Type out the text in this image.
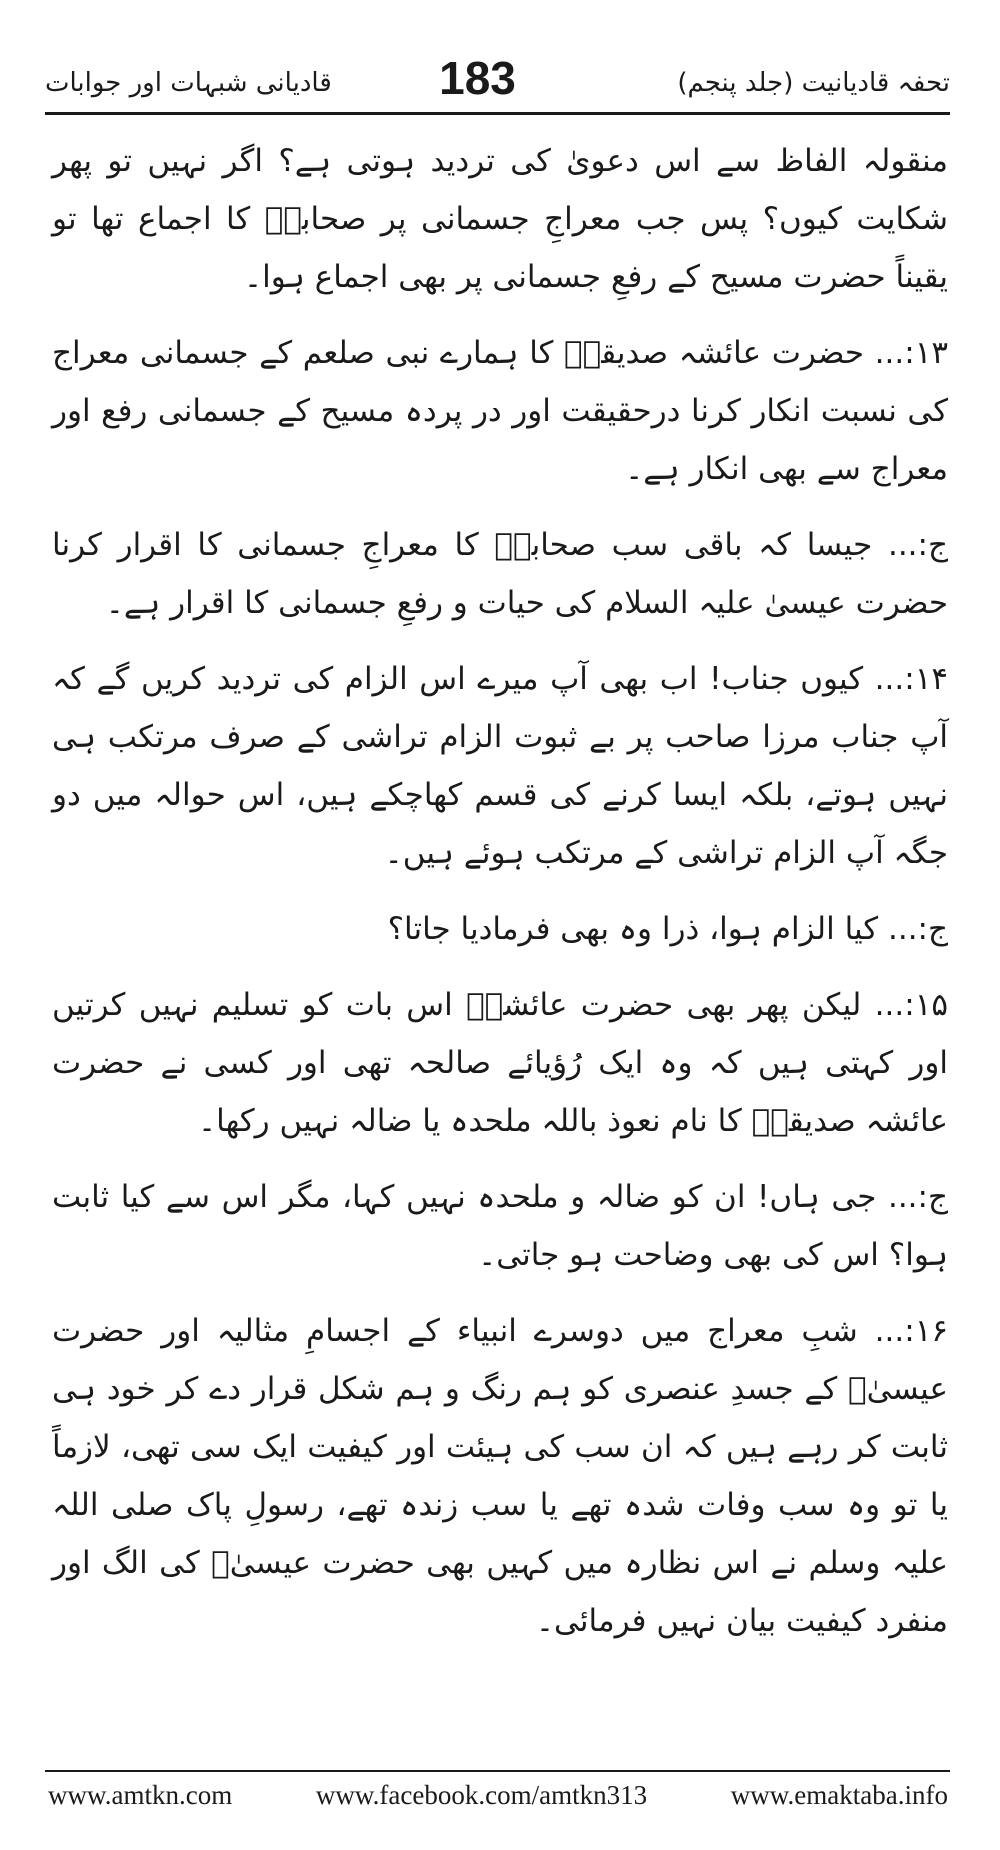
تحفہ قادیانیت (جلد پنجم)
183
قادیانی شبہات اور جوابات

منقولہ الفاظ سے اس دعویٰ کی تردید ہوتی ہے؟ اگر نہیں تو پھر شکایت کیوں؟ پس جب معراجِ جسمانی پر صحابہؓ کا اجماع تھا تو یقیناً حضرت مسیح کے رفعِ جسمانی پر بھی اجماع ہوا۔

۱۳:... حضرت عائشہ صدیقہؓ کا ہمارے نبی صلعم کے جسمانی معراج کی نسبت انکار کرنا درحقیقت اور در پردہ مسیح کے جسمانی رفع اور معراج سے بھی انکار ہے۔

ج:... جیسا کہ باقی سب صحابہؓ کا معراجِ جسمانی کا اقرار کرنا حضرت عیسیٰ علیہ السلام کی حیات و رفعِ جسمانی کا اقرار ہے۔

۱۴:... کیوں جناب! اب بھی آپ میرے اس الزام کی تردید کریں گے کہ آپ جناب مرزا صاحب پر بے ثبوت الزام تراشی کے صرف مرتکب ہی نہیں ہوتے، بلکہ ایسا کرنے کی قسم کھاچکے ہیں، اس حوالہ میں دو جگہ آپ الزام تراشی کے مرتکب ہوئے ہیں۔

ج:... کیا الزام ہوا، ذرا وہ بھی فرمادیا جاتا؟

۱۵:... لیکن پھر بھی حضرت عائشہؓ اس بات کو تسلیم نہیں کرتیں اور کہتی ہیں کہ وہ ایک رُؤیائے صالحہ تھی اور کسی نے حضرت عائشہ صدیقہؓ کا نام نعوذ باللہ ملحدہ یا ضالہ نہیں رکھا۔

ج:... جی ہاں! ان کو ضالہ و ملحدہ نہیں کہا، مگر اس سے کیا ثابت ہوا؟ اس کی بھی وضاحت ہو جاتی۔

۱۶:... شبِ معراج میں دوسرے انبیاء کے اجسامِ مثالیہ اور حضرت عیسیٰؑ کے جسدِ عنصری کو ہم رنگ و ہم شکل قرار دے کر خود ہی ثابت کر رہے ہیں کہ ان سب کی ہیئت اور کیفیت ایک سی تھی، لازماً یا تو وہ سب وفات شدہ تھے یا سب زندہ تھے، رسولِ پاک صلی اللہ علیہ وسلم نے اس نظارہ میں کہیں بھی حضرت عیسیٰؑ کی الگ اور منفرد کیفیت بیان نہیں فرمائی۔

www.amtkn.com	www.facebook.com/amtkn313	www.emaktaba.info
